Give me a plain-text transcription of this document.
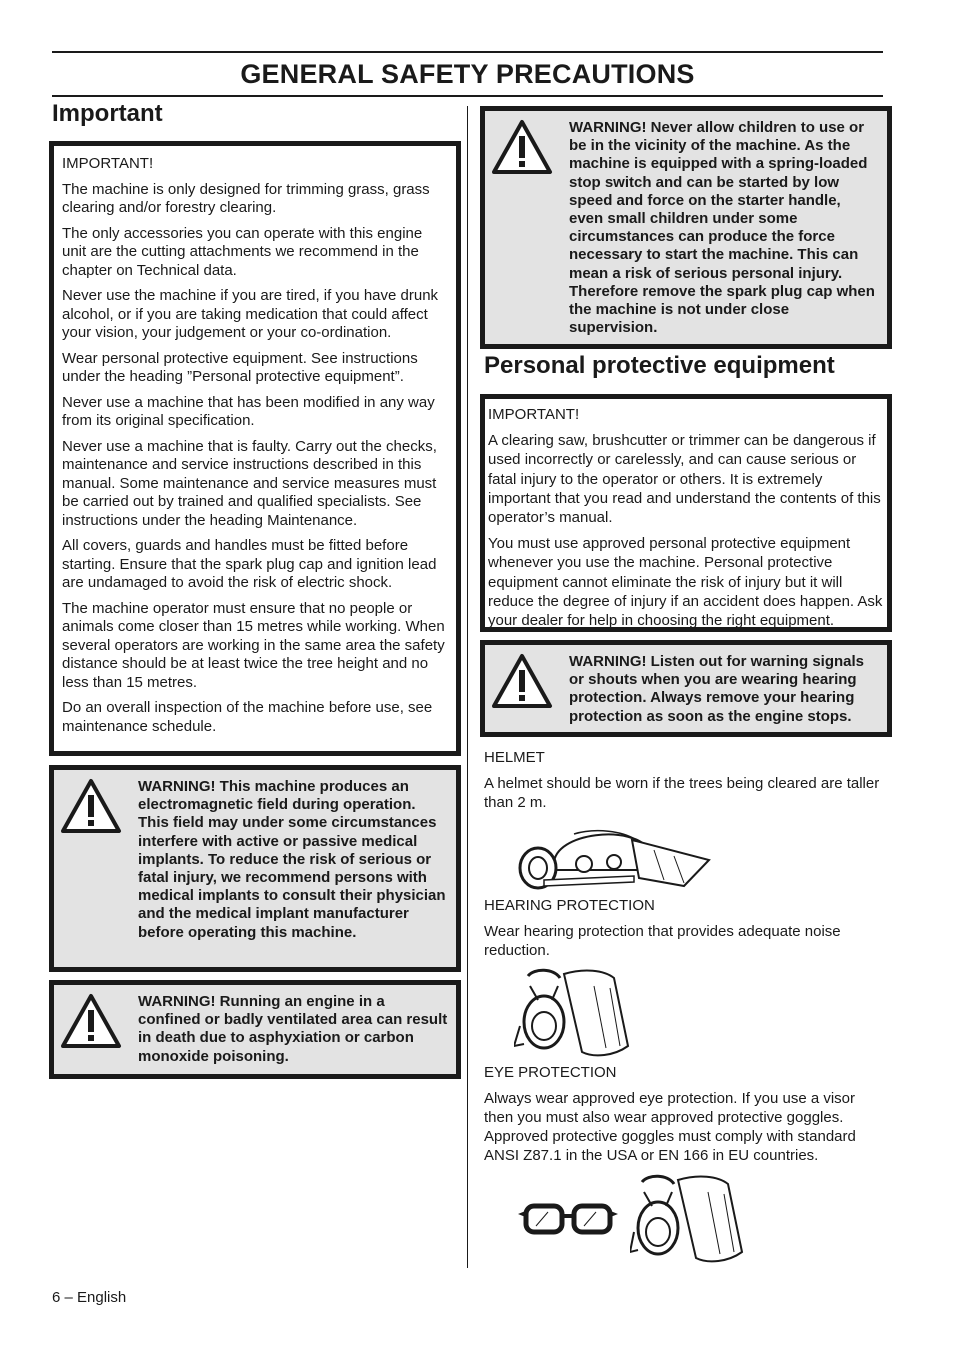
GENERAL SAFETY PRECAUTIONS
Important

IMPORTANT!

The machine is only designed for trimming grass, grass clearing and/or forestry clearing.

The only accessories you can operate with this engine unit are the cutting attachments we recommend in the chapter on Technical data.

Never use the machine if you are tired, if you have drunk alcohol, or if you are taking medication that could affect your vision, your judgement or your co-ordination.

Wear personal protective equipment. See instructions under the heading ”Personal protective equipment”.

Never use a machine that has been modified in any way from its original specification.

Never use a machine that is faulty. Carry out the checks, maintenance and service instructions described in this manual. Some maintenance and service measures must be carried out by trained and qualified specialists. See instructions under the heading Maintenance.

All covers, guards and handles must be fitted before starting. Ensure that the spark plug cap and ignition lead are undamaged to avoid the risk of electric shock.

The machine operator must ensure that no people or animals come closer than 15 metres while working. When several operators are working in the same area the safety distance should be at least twice the tree height and no less than 15 metres.

Do an overall inspection of the machine before use, see maintenance schedule.

WARNING! This machine produces an electromagnetic field during operation. This field may under some circumstances interfere with active or passive medical implants. To reduce the risk of serious or fatal injury, we recommend persons with medical implants to consult their physician and the medical implant manufacturer before operating this machine.
WARNING! Running an engine in a confined or badly ventilated area can result in death due to asphyxiation or carbon monoxide poisoning.
WARNING! Never allow children to use or be in the vicinity of the machine. As the machine is equipped with a spring-loaded stop switch and can be started by low speed and force on the starter handle, even small children under some circumstances can produce the force necessary to start the machine. This can mean a risk of serious personal injury. Therefore remove the spark plug cap when the machine is not under close supervision.
Personal protective equipment

IMPORTANT!

A clearing saw, brushcutter or trimmer can be dangerous if used incorrectly or carelessly, and can cause serious or fatal injury to the operator or others. It is extremely important that you read and understand the contents of this operator’s manual.

You must use approved personal protective equipment whenever you use the machine. Personal protective equipment cannot eliminate the risk of injury but it will reduce the degree of injury if an accident does happen. Ask your dealer for help in choosing the right equipment.

WARNING! Listen out for warning signals or shouts when you are wearing hearing protection. Always remove your hearing protection as soon as the engine stops.

HELMET

A helmet should be worn if the trees being cleared are taller than 2 m.

HEARING PROTECTION

Wear hearing protection that provides adequate noise reduction.

EYE PROTECTION

Always wear approved eye protection. If you use a visor then you must also wear approved protective goggles. Approved protective goggles must comply with standard ANSI Z87.1 in the USA or EN 166 in EU countries.

6 – English
